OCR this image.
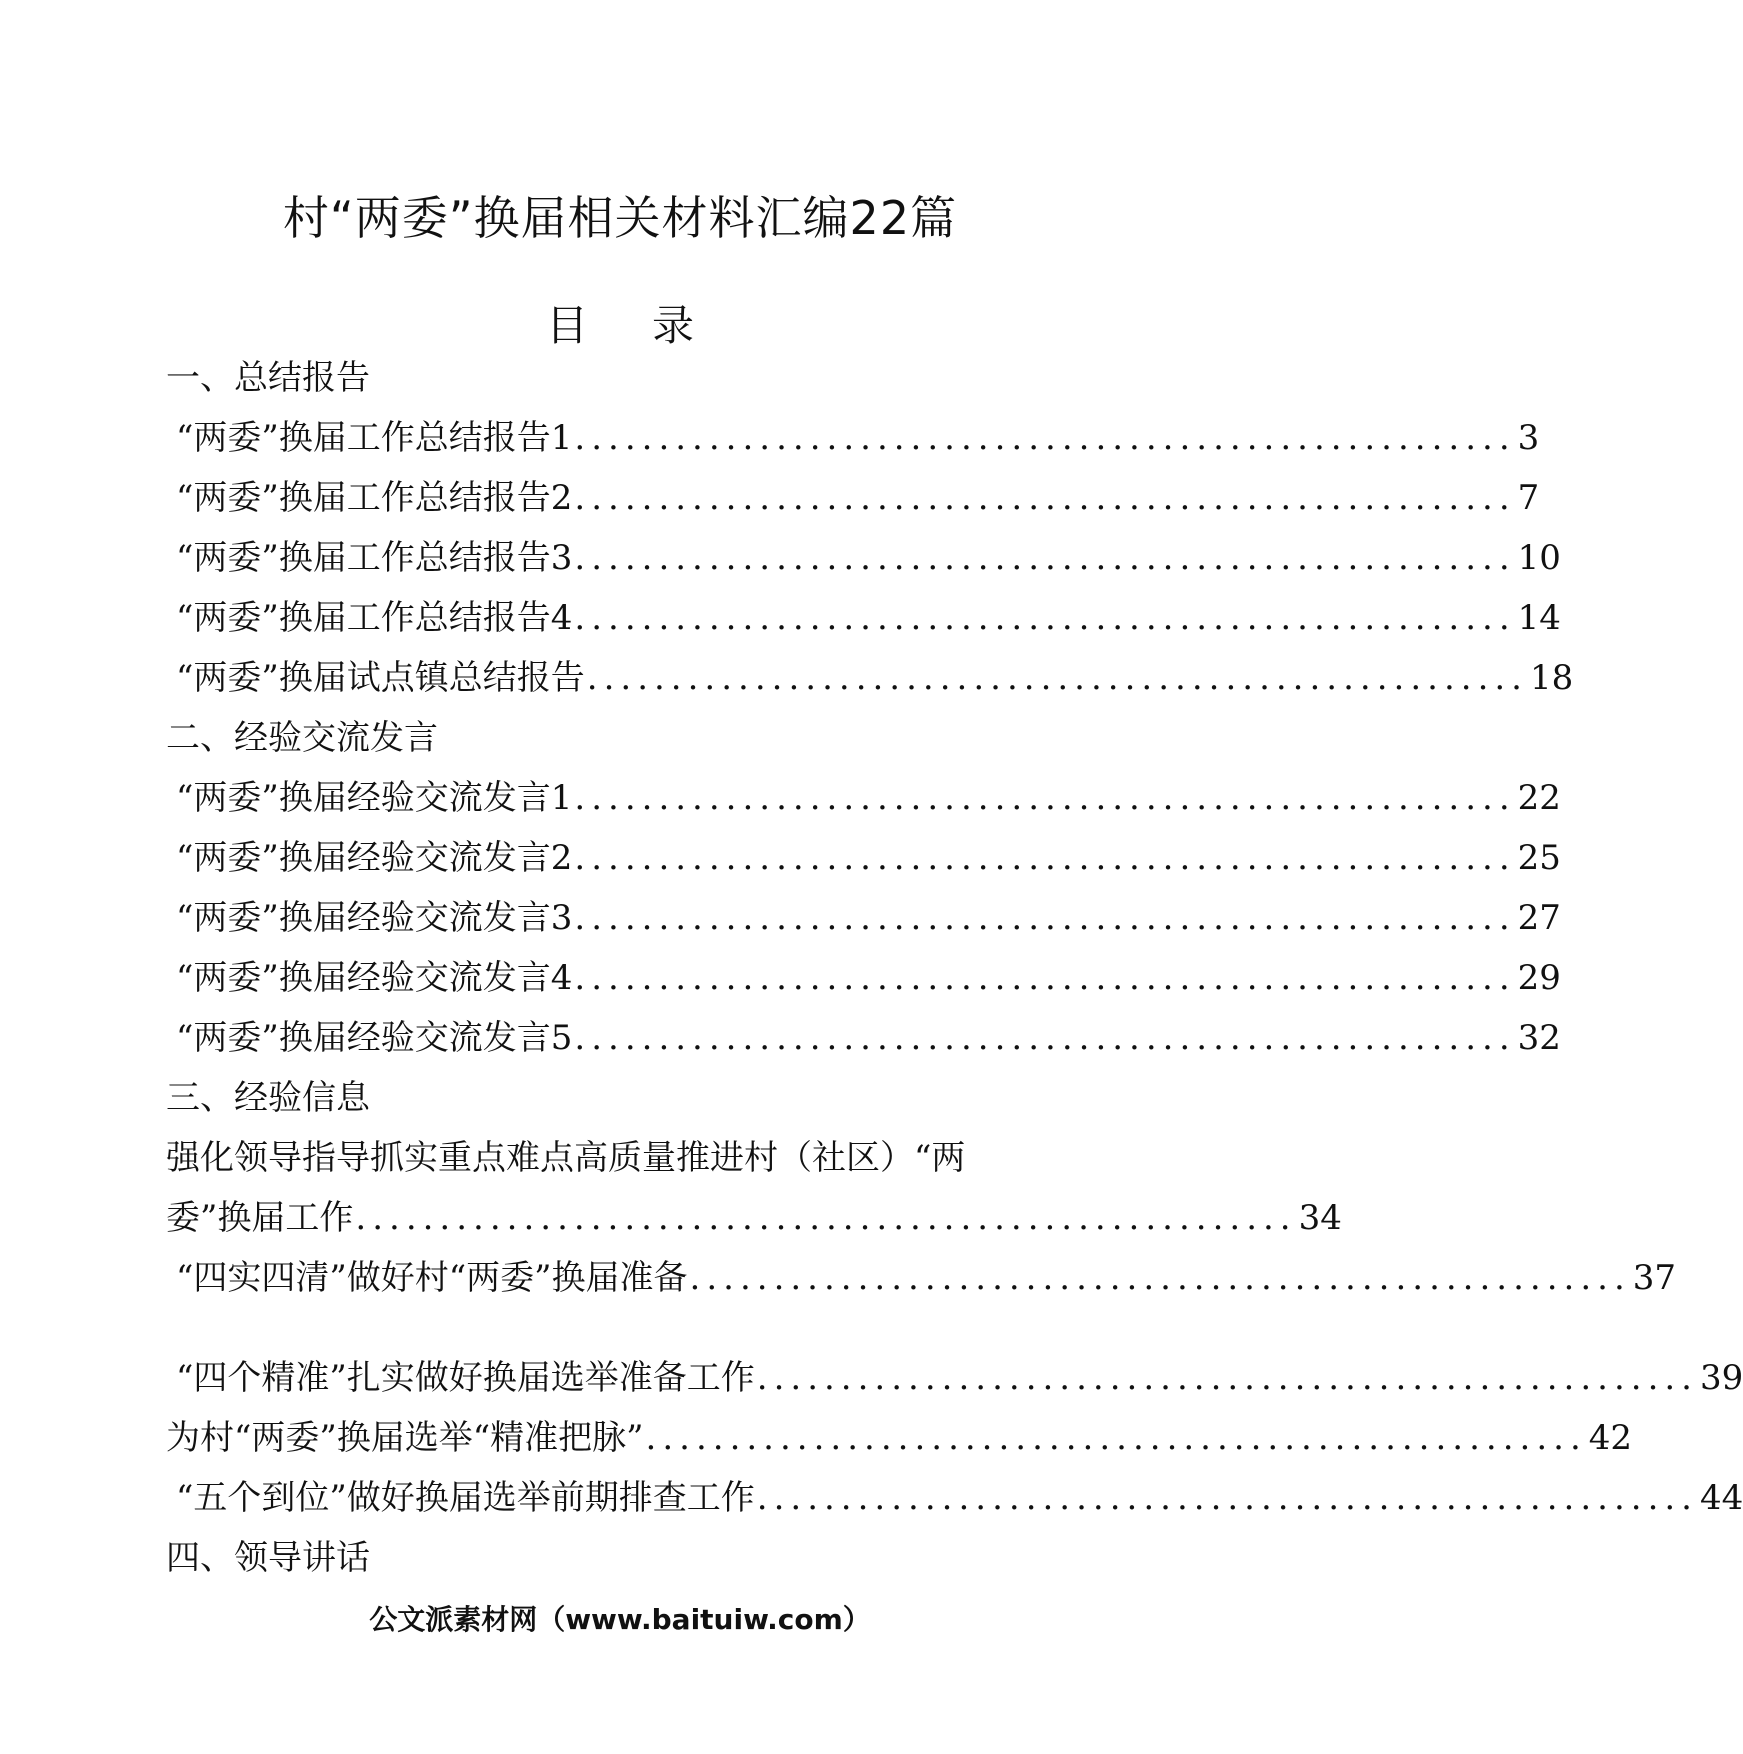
村“两委”换届相关材料汇编22篇
目 录
一、总结报告
“两委”换届工作总结报告1 ........................................................ 3
“两委”换届工作总结报告2 ........................................................ 7
“两委”换届工作总结报告3 ........................................................ 10
“两委”换届工作总结报告4 ........................................................ 14
“两委”换届试点镇总结报告 ........................................................ 18
二、经验交流发言
“两委”换届经验交流发言1 ........................................................ 22
“两委”换届经验交流发言2 ........................................................ 25
“两委”换届经验交流发言3 ........................................................ 27
“两委”换届经验交流发言4 ........................................................ 29
“两委”换届经验交流发言5 ........................................................ 32
三、经验信息
强化领导指导抓实重点难点高质量推进村（社区）“两
委”换届工作 ........................................................ 34
“四实四清”做好村“两委”换届准备 ........................................................ 37
“四个精准”扎实做好换届选举准备工作 ........................................................ 39
为村“两委”换届选举“精准把脉” ........................................................ 42
“五个到位”做好换届选举前期排查工作 ........................................................ 44
四、领导讲话
公文派素材网（www.baituiw.com）
